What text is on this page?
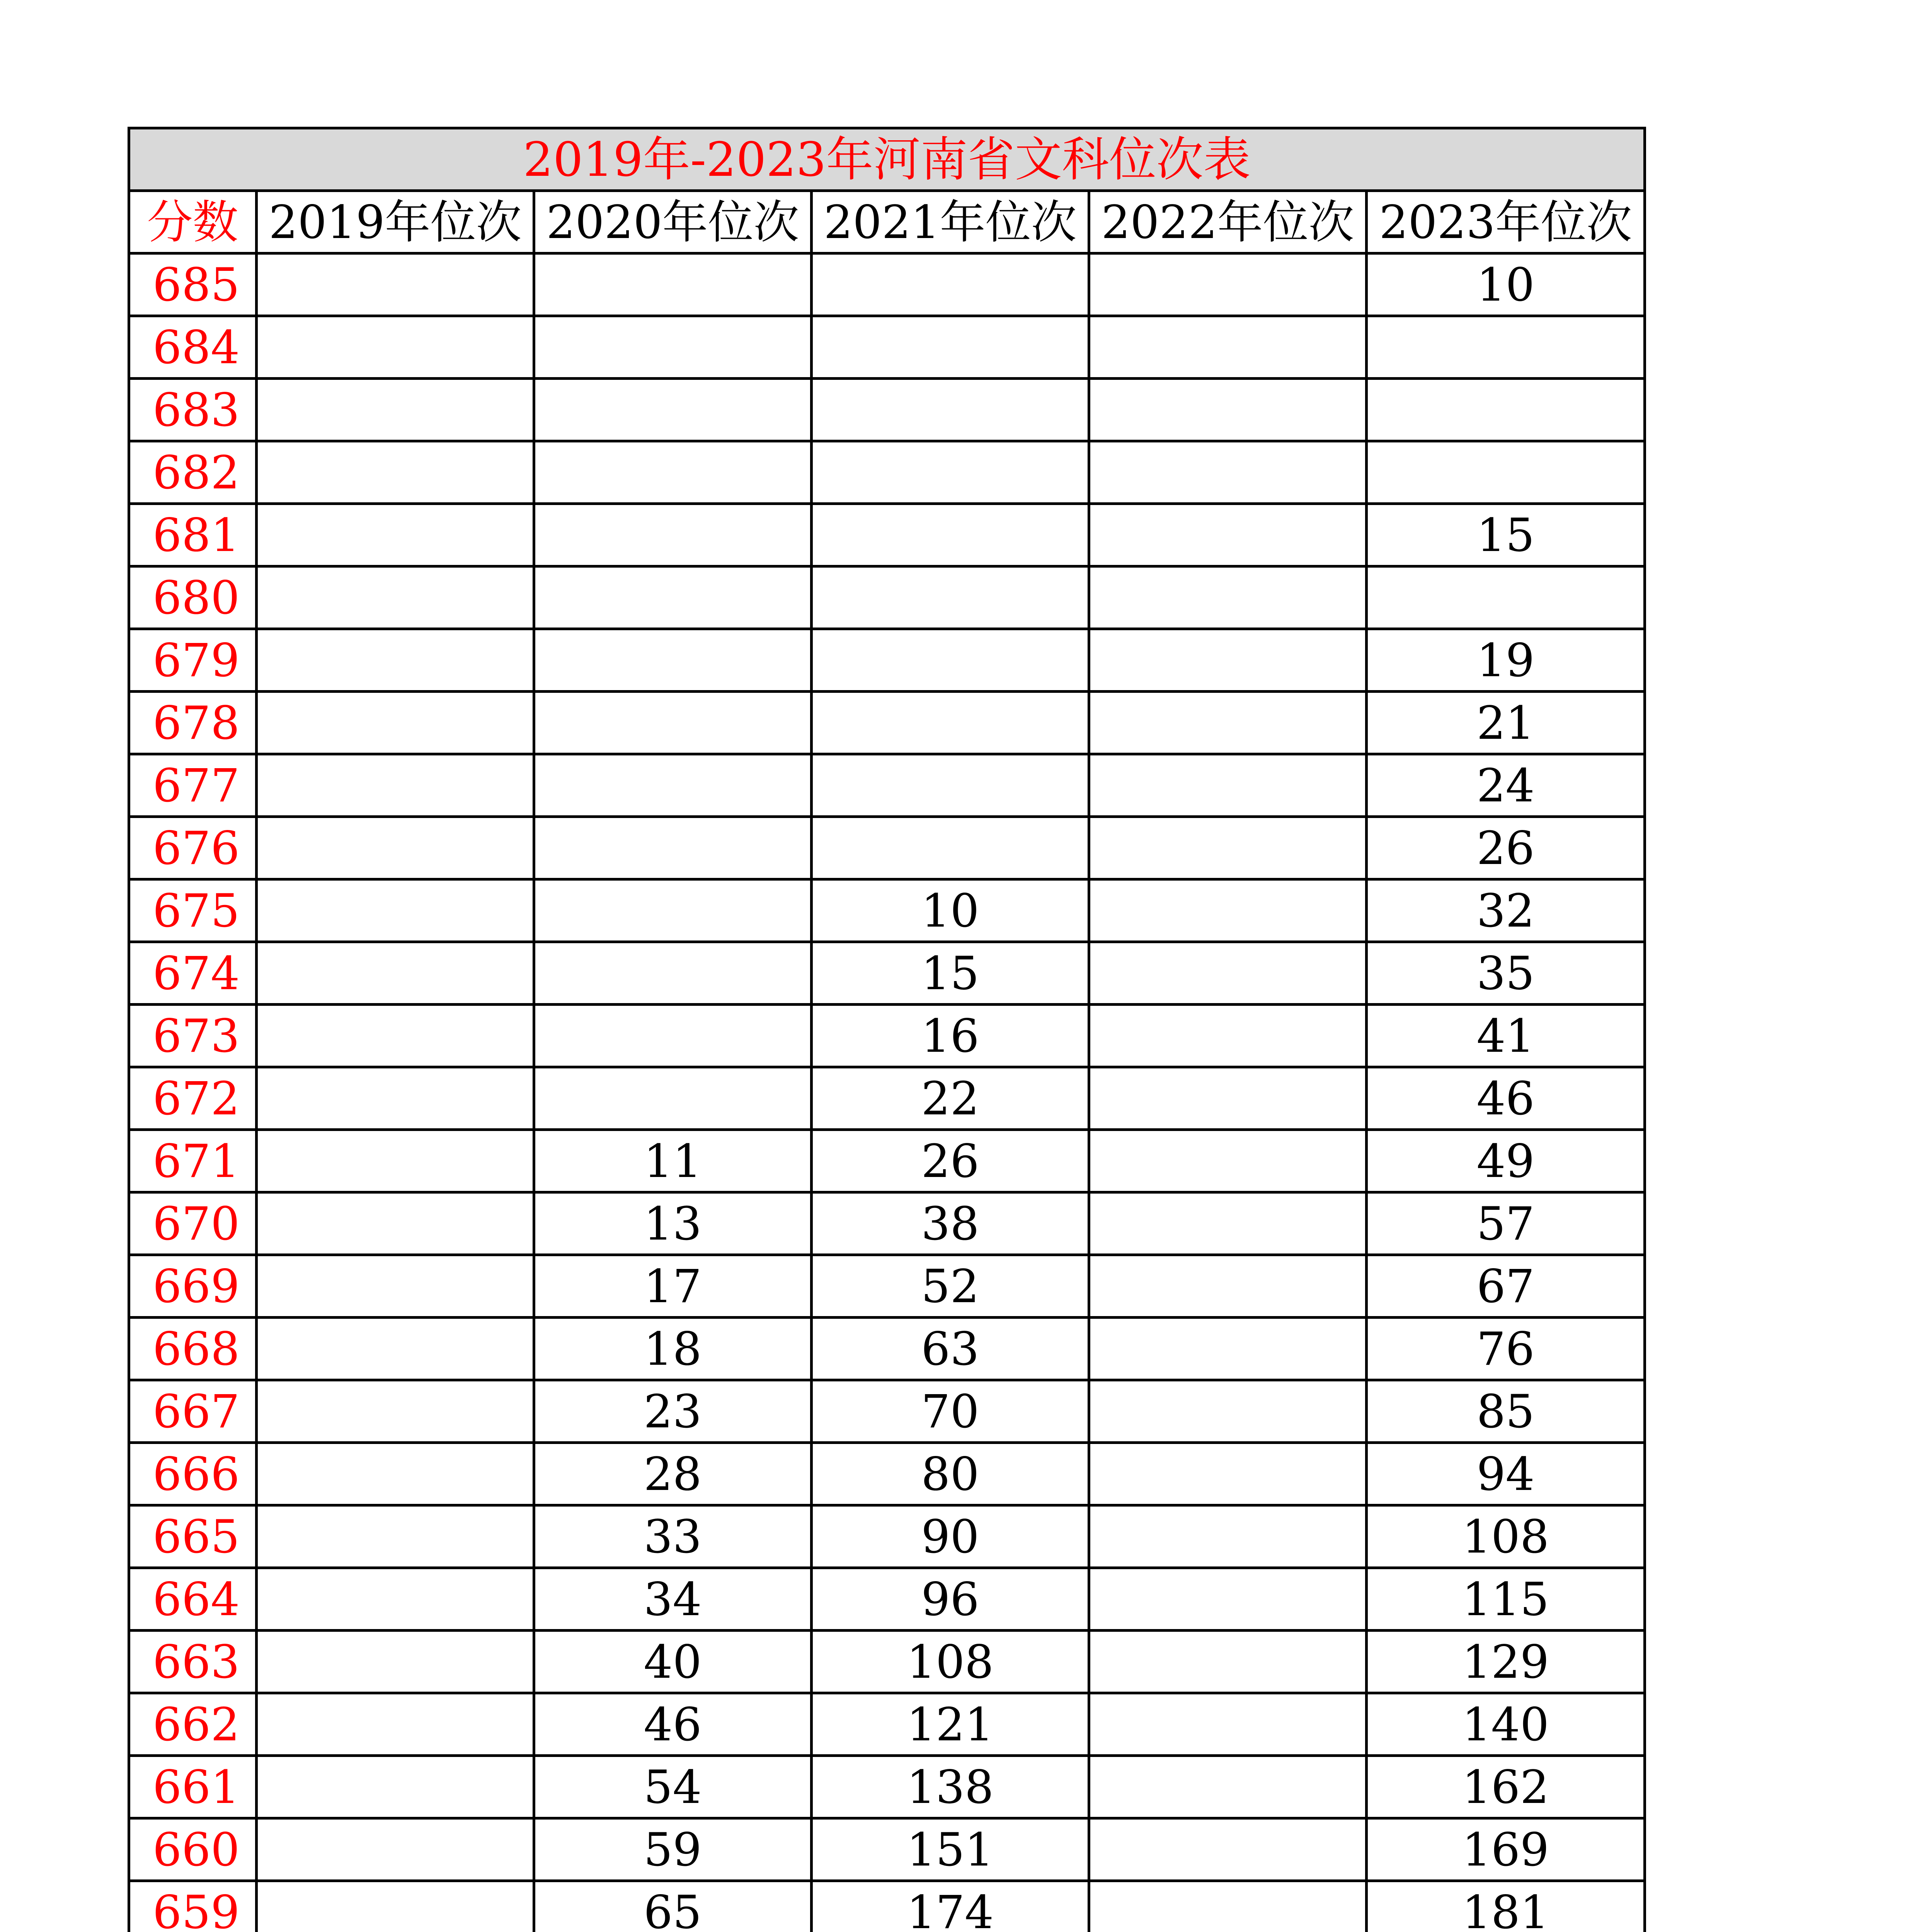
2019年-2023年河南省文科位次表					
分数	2019年位次	2020年位次	2021年位次	2022年位次	2023年位次
685					10
684					
683					
682					
681					15
680					
679					19
678					21
677					24
676					26
675			10		32
674			15		35
673			16		41
672			22		46
671		11	26		49
670		13	38		57
669		17	52		67
668		18	63		76
667		23	70		85
666		28	80		94
665		33	90		108
664		34	96		115
663		40	108		129
662		46	121		140
661		54	138		162
660		59	151		169
659		65	174		181
